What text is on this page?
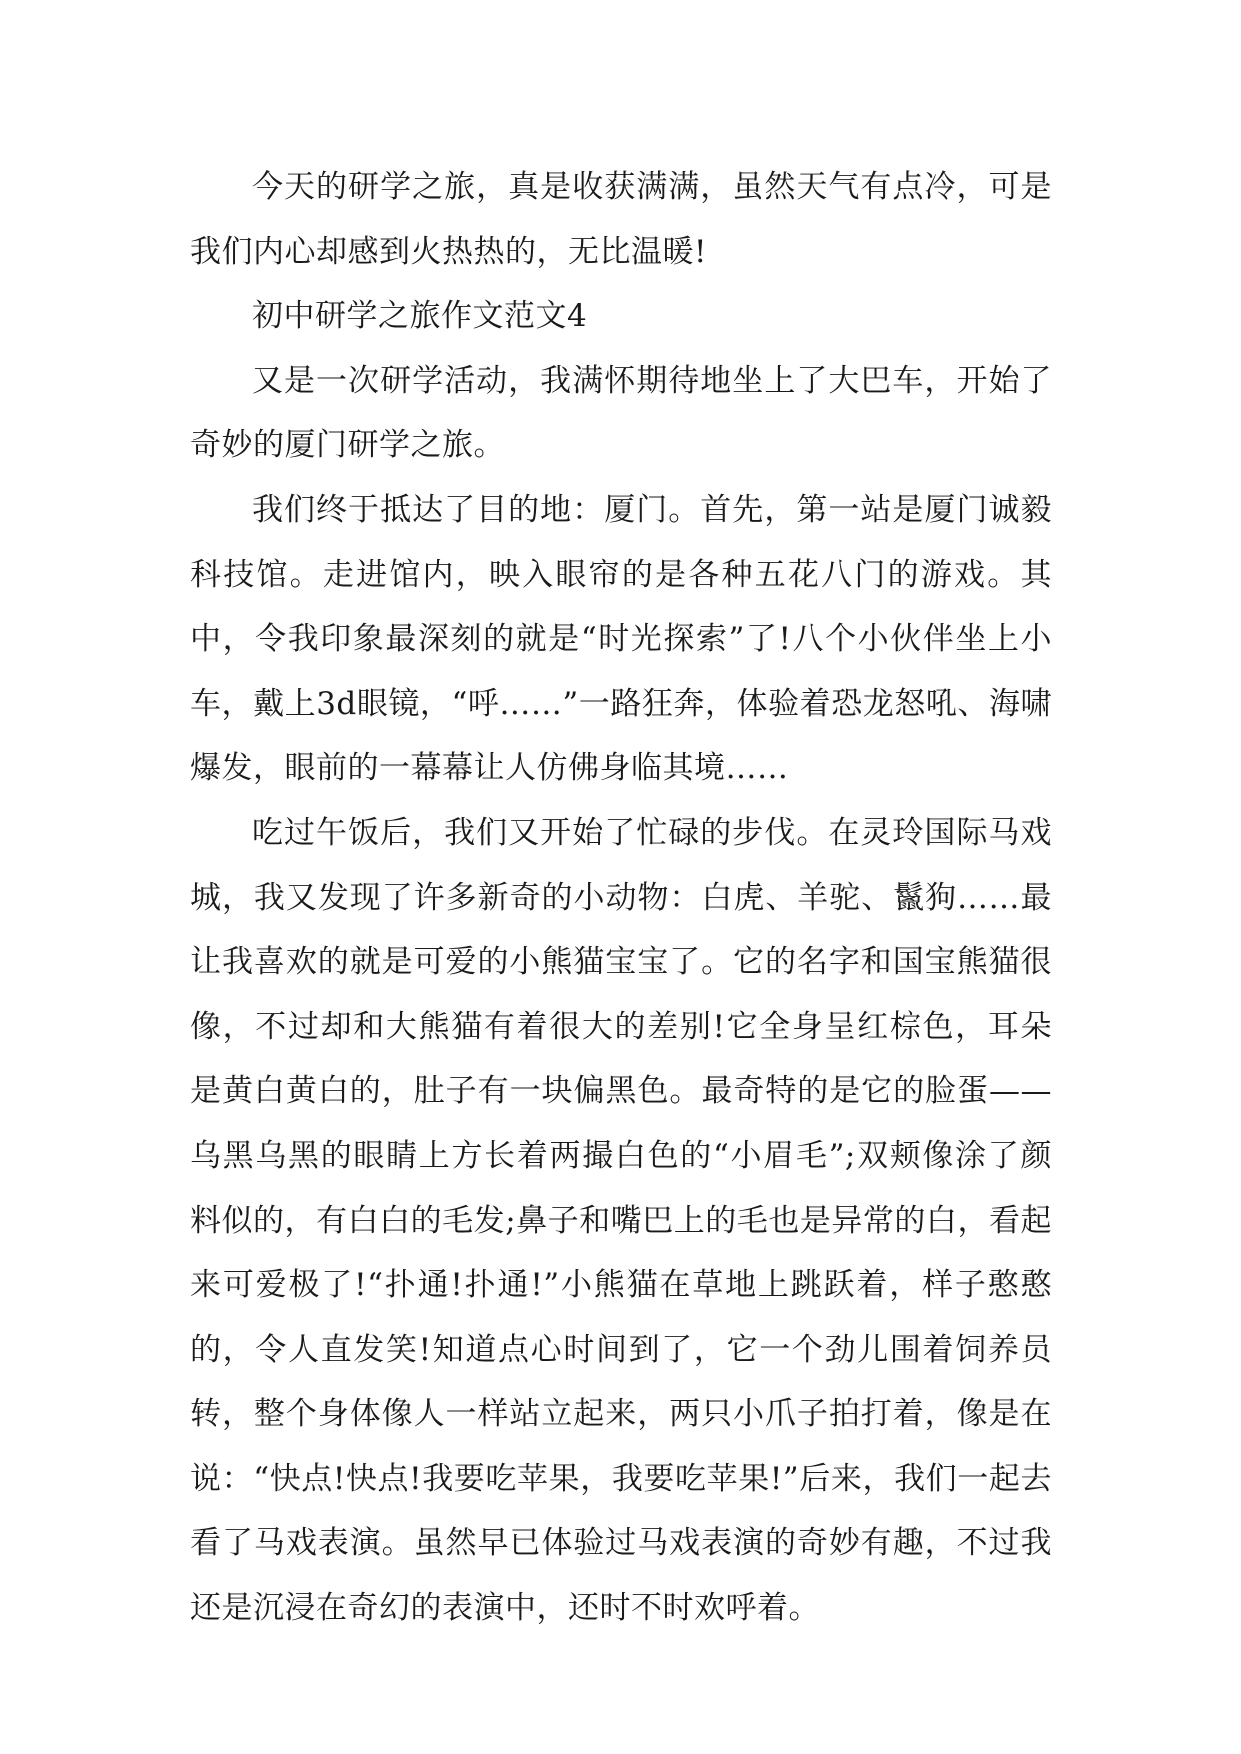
今天的研学之旅，真是收获满满，虽然天气有点冷，可是我们内心却感到火热热的，无比温暖!

初中研学之旅作文范文4

又是一次研学活动，我满怀期待地坐上了大巴车，开始了奇妙的厦门研学之旅。

我们终于抵达了目的地：厦门。首先，第一站是厦门诚毅科技馆。走进馆内，映入眼帘的是各种五花八门的游戏。其中，令我印象最深刻的就是“时光探索”了!八个小伙伴坐上小车，戴上3d眼镜，“呼……”一路狂奔，体验着恐龙怒吼、海啸爆发，眼前的一幕幕让人仿佛身临其境……

吃过午饭后，我们又开始了忙碌的步伐。在灵玲国际马戏城，我又发现了许多新奇的小动物：白虎、羊驼、鬣狗……最让我喜欢的就是可爱的小熊猫宝宝了。它的名字和国宝熊猫很像，不过却和大熊猫有着很大的差别!它全身呈红棕色，耳朵是黄白黄白的，肚子有一块偏黑色。最奇特的是它的脸蛋——乌黑乌黑的眼睛上方长着两撮白色的“小眉毛”;双颊像涂了颜料似的，有白白的毛发;鼻子和嘴巴上的毛也是异常的白，看起来可爱极了!“扑通!扑通!”小熊猫在草地上跳跃着，样子憨憨的，令人直发笑!知道点心时间到了，它一个劲儿围着饲养员转，整个身体像人一样站立起来，两只小爪子拍打着，像是在说：“快点!快点!我要吃苹果，我要吃苹果!”后来，我们一起去看了马戏表演。虽然早已体验过马戏表演的奇妙有趣，不过我还是沉浸在奇幻的表演中，还时不时欢呼着。
